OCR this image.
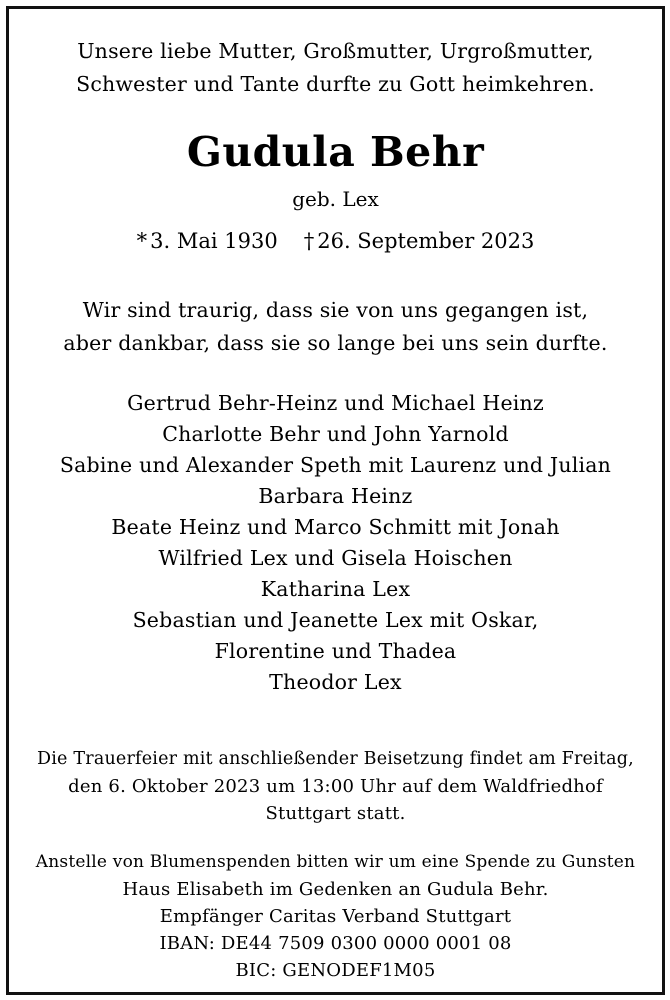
Unsere liebe Mutter, Großmutter, Urgroßmutter,
Schwester und Tante durfte zu Gott heimkehren.
Gudula Behr
geb. Lex
* 3. Mai 1930 † 26. September 2023
Wir sind traurig, dass sie von uns gegangen ist,
aber dankbar, dass sie so lange bei uns sein durfte.
Gertrud Behr-Heinz und Michael Heinz
Charlotte Behr und John Yarnold
Sabine und Alexander Speth mit Laurenz und Julian
Barbara Heinz
Beate Heinz und Marco Schmitt mit Jonah
Wilfried Lex und Gisela Hoischen
Katharina Lex
Sebastian und Jeanette Lex mit Oskar,
Florentine und Thadea
Theodor Lex
Die Trauerfeier mit anschließender Beisetzung findet am Freitag,
den 6. Oktober 2023 um 13:00 Uhr auf dem Waldfriedhof
Stuttgart statt.
Anstelle von Blumenspenden bitten wir um eine Spende zu Gunsten
Haus Elisabeth im Gedenken an Gudula Behr.
Empfänger Caritas Verband Stuttgart
IBAN: DE44 7509 0300 0000 0001 08
BIC: GENODEF1M05
